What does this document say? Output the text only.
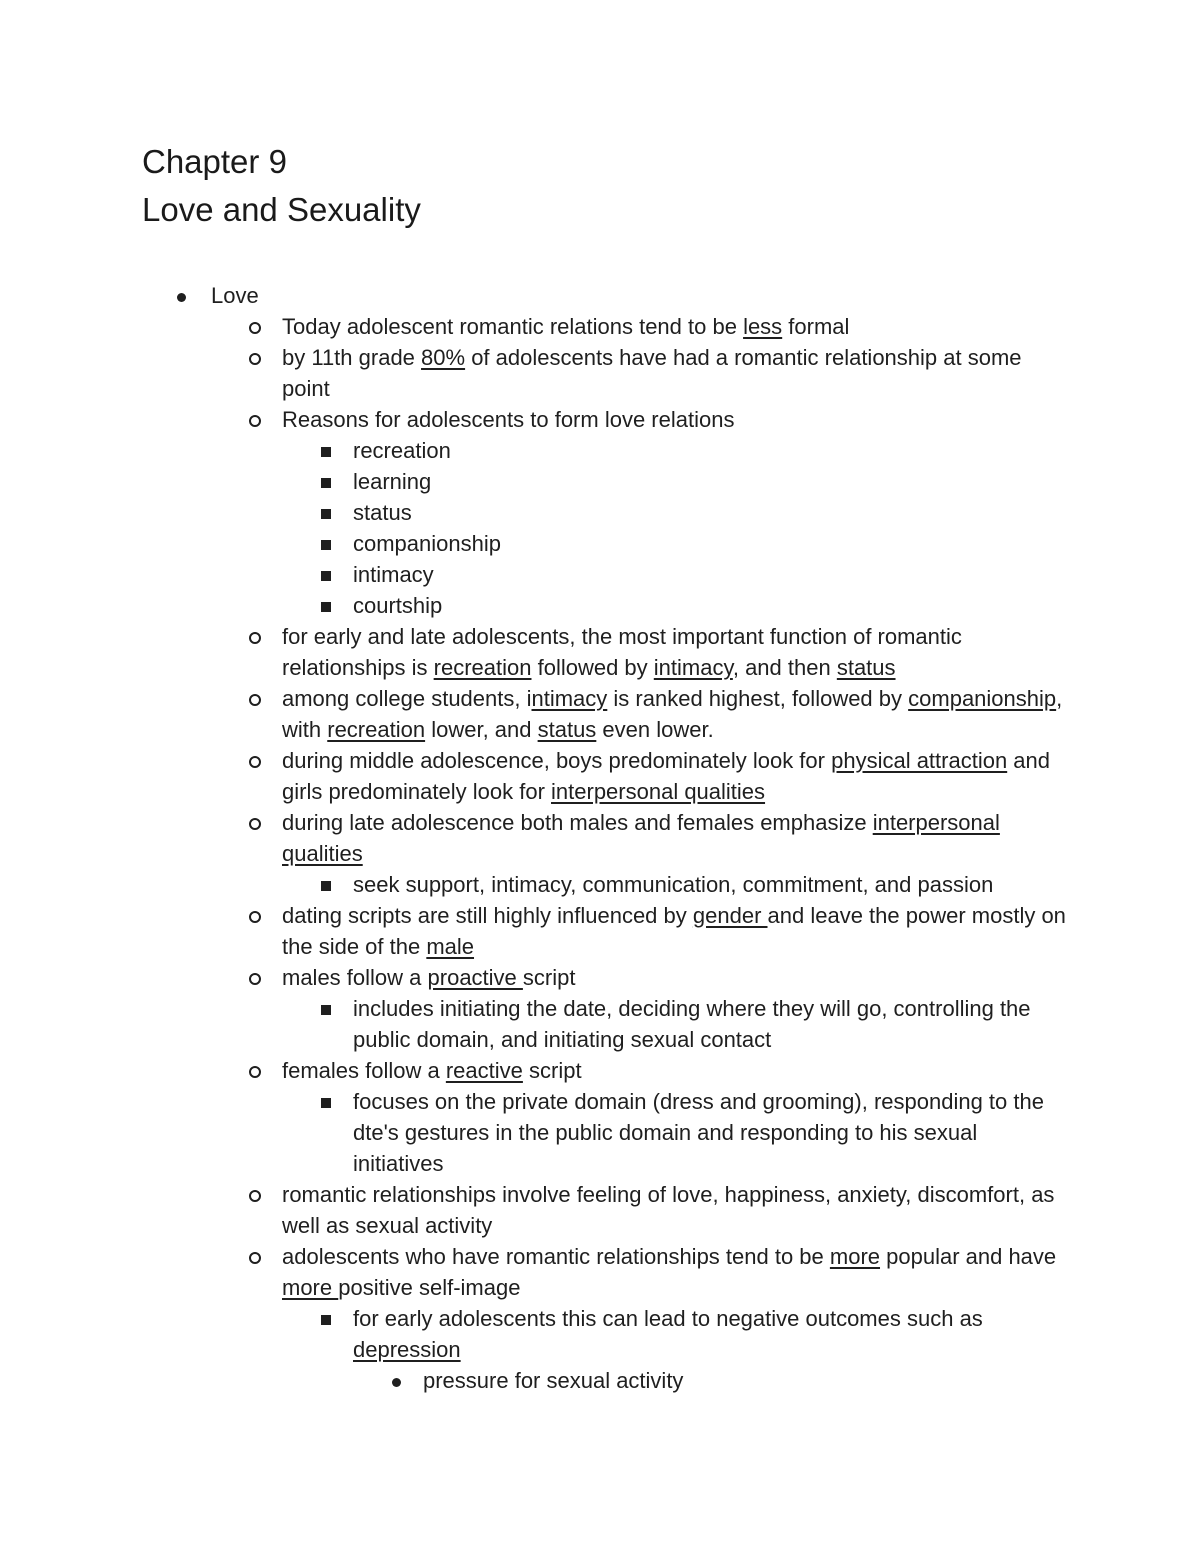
Chapter 9
Love and Sexuality
Love
Today adolescent romantic relations tend to be less formal
by 11th grade 80% of adolescents have had a romantic relationship at some point
Reasons for adolescents to form love relations
recreation
learning
status
companionship
intimacy
courtship
for early and late adolescents, the most important function of romantic relationships is recreation followed by intimacy, and then status
among college students, intimacy is ranked highest, followed by companionship, with recreation lower, and status even lower.
during middle adolescence, boys predominately look for physical attraction and girls predominately look for interpersonal qualities
during late adolescence both males and females emphasize interpersonal qualities
seek support, intimacy, communication, commitment, and passion
dating scripts are still highly influenced by gender and leave the power mostly on the side of the male
males follow a proactive script
includes initiating the date, deciding where they will go, controlling the public domain, and initiating sexual contact
females follow a reactive script
focuses on the private domain (dress and grooming), responding to the dte's gestures in the public domain and responding to his sexual initiatives
romantic relationships involve feeling of love, happiness, anxiety, discomfort, as well as sexual activity
adolescents who have romantic relationships tend to be more popular and have more positive self-image
for early adolescents this can lead to negative outcomes such as depression
pressure for sexual activity
